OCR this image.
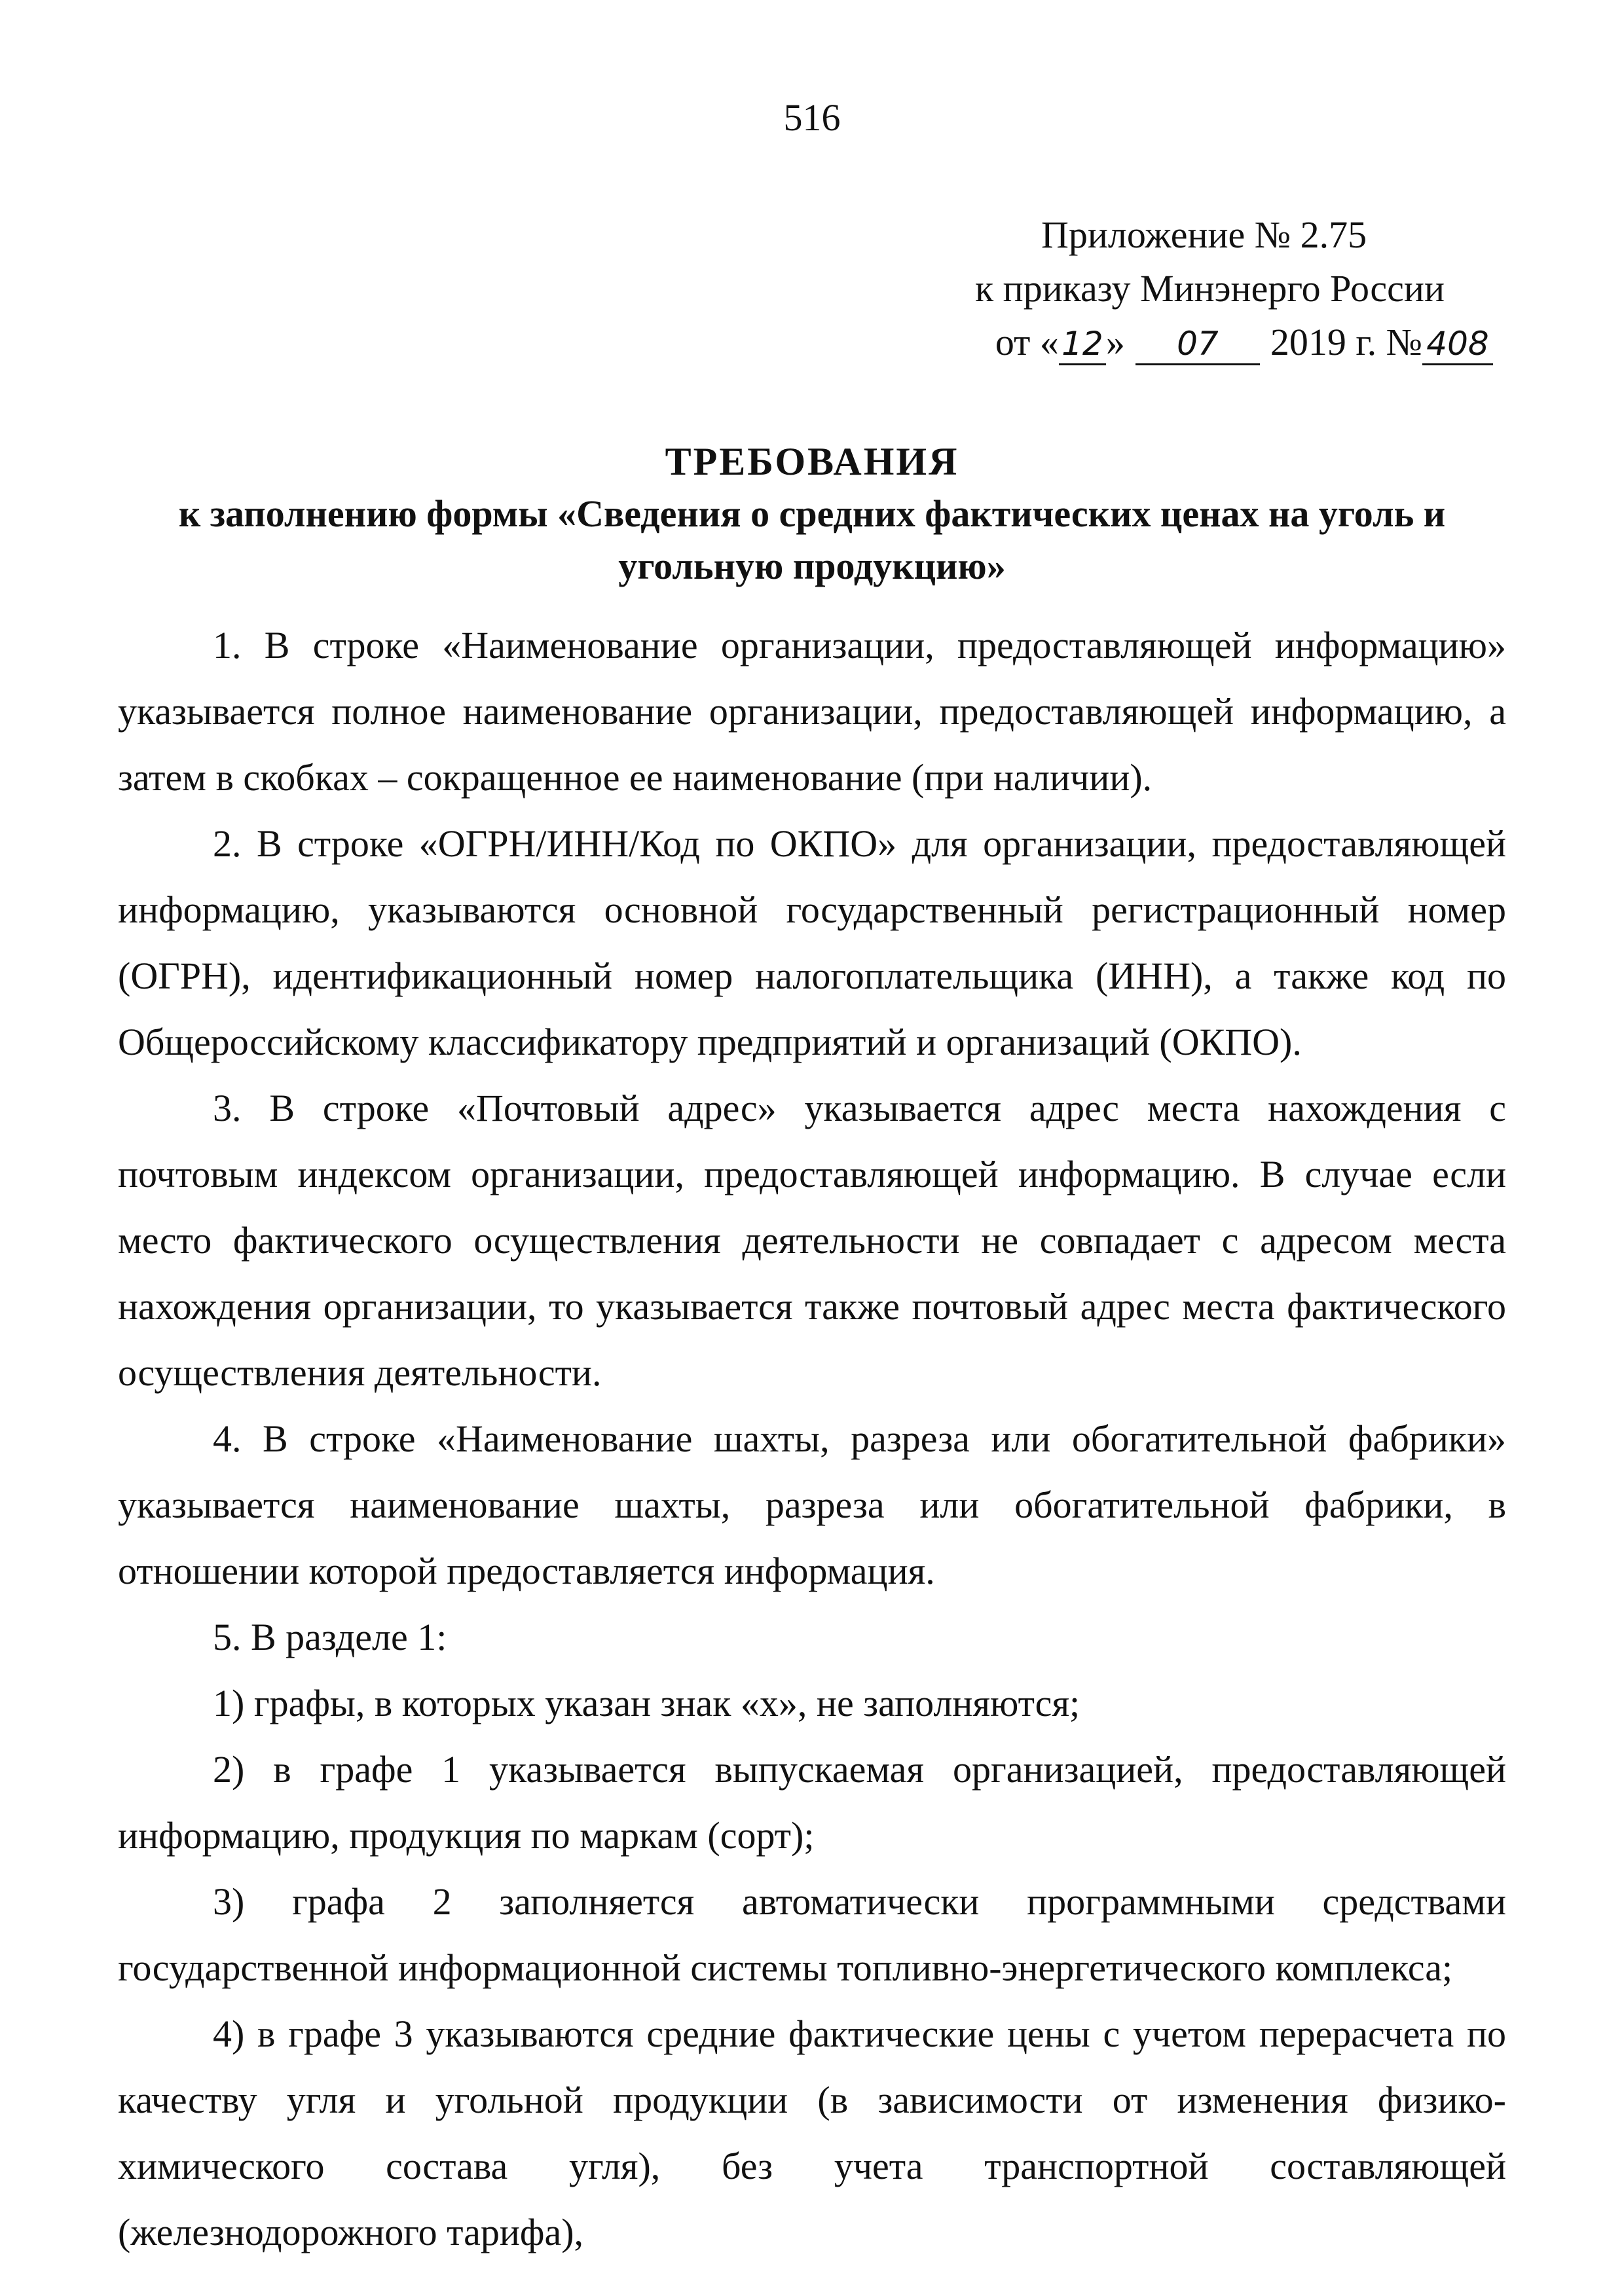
516
Приложение № 2.75
к приказу Минэнерго России
от «12» 07 2019 г. № 408
ТРЕБОВАНИЯ
к заполнению формы «Сведения о средних фактических ценах на уголь и угольную продукцию»

1. В строке «Наименование организации, предоставляющей информацию» указывается полное наименование организации, предоставляющей информацию, а затем в скобках – сокращенное ее наименование (при наличии).

2. В строке «ОГРН/ИНН/Код по ОКПО» для организации, предоставляющей информацию, указываются основной государственный регистрационный номер (ОГРН), идентификационный номер налогоплательщика (ИНН), а также код по Общероссийскому классификатору предприятий и организаций (ОКПО).

3. В строке «Почтовый адрес» указывается адрес места нахождения с почтовым индексом организации, предоставляющей информацию. В случае если место фактического осуществления деятельности не совпадает с адресом места нахождения организации, то указывается также почтовый адрес места фактического осуществления деятельности.

4. В строке «Наименование шахты, разреза или обогатительной фабрики» указывается наименование шахты, разреза или обогатительной фабрики, в отношении которой предоставляется информация.

5. В разделе 1:

1) графы, в которых указан знак «х», не заполняются;

2) в графе 1 указывается выпускаемая организацией, предоставляющей информацию, продукция по маркам (сорт);

3) графа 2 заполняется автоматически программными средствами государственной информационной системы топливно-энергетического комплекса;

4) в графе 3 указываются средние фактические цены с учетом перерасчета по качеству угля и угольной продукции (в зависимости от изменения физико-химического состава угля), без учета транспортной составляющей (железнодорожного тарифа),
